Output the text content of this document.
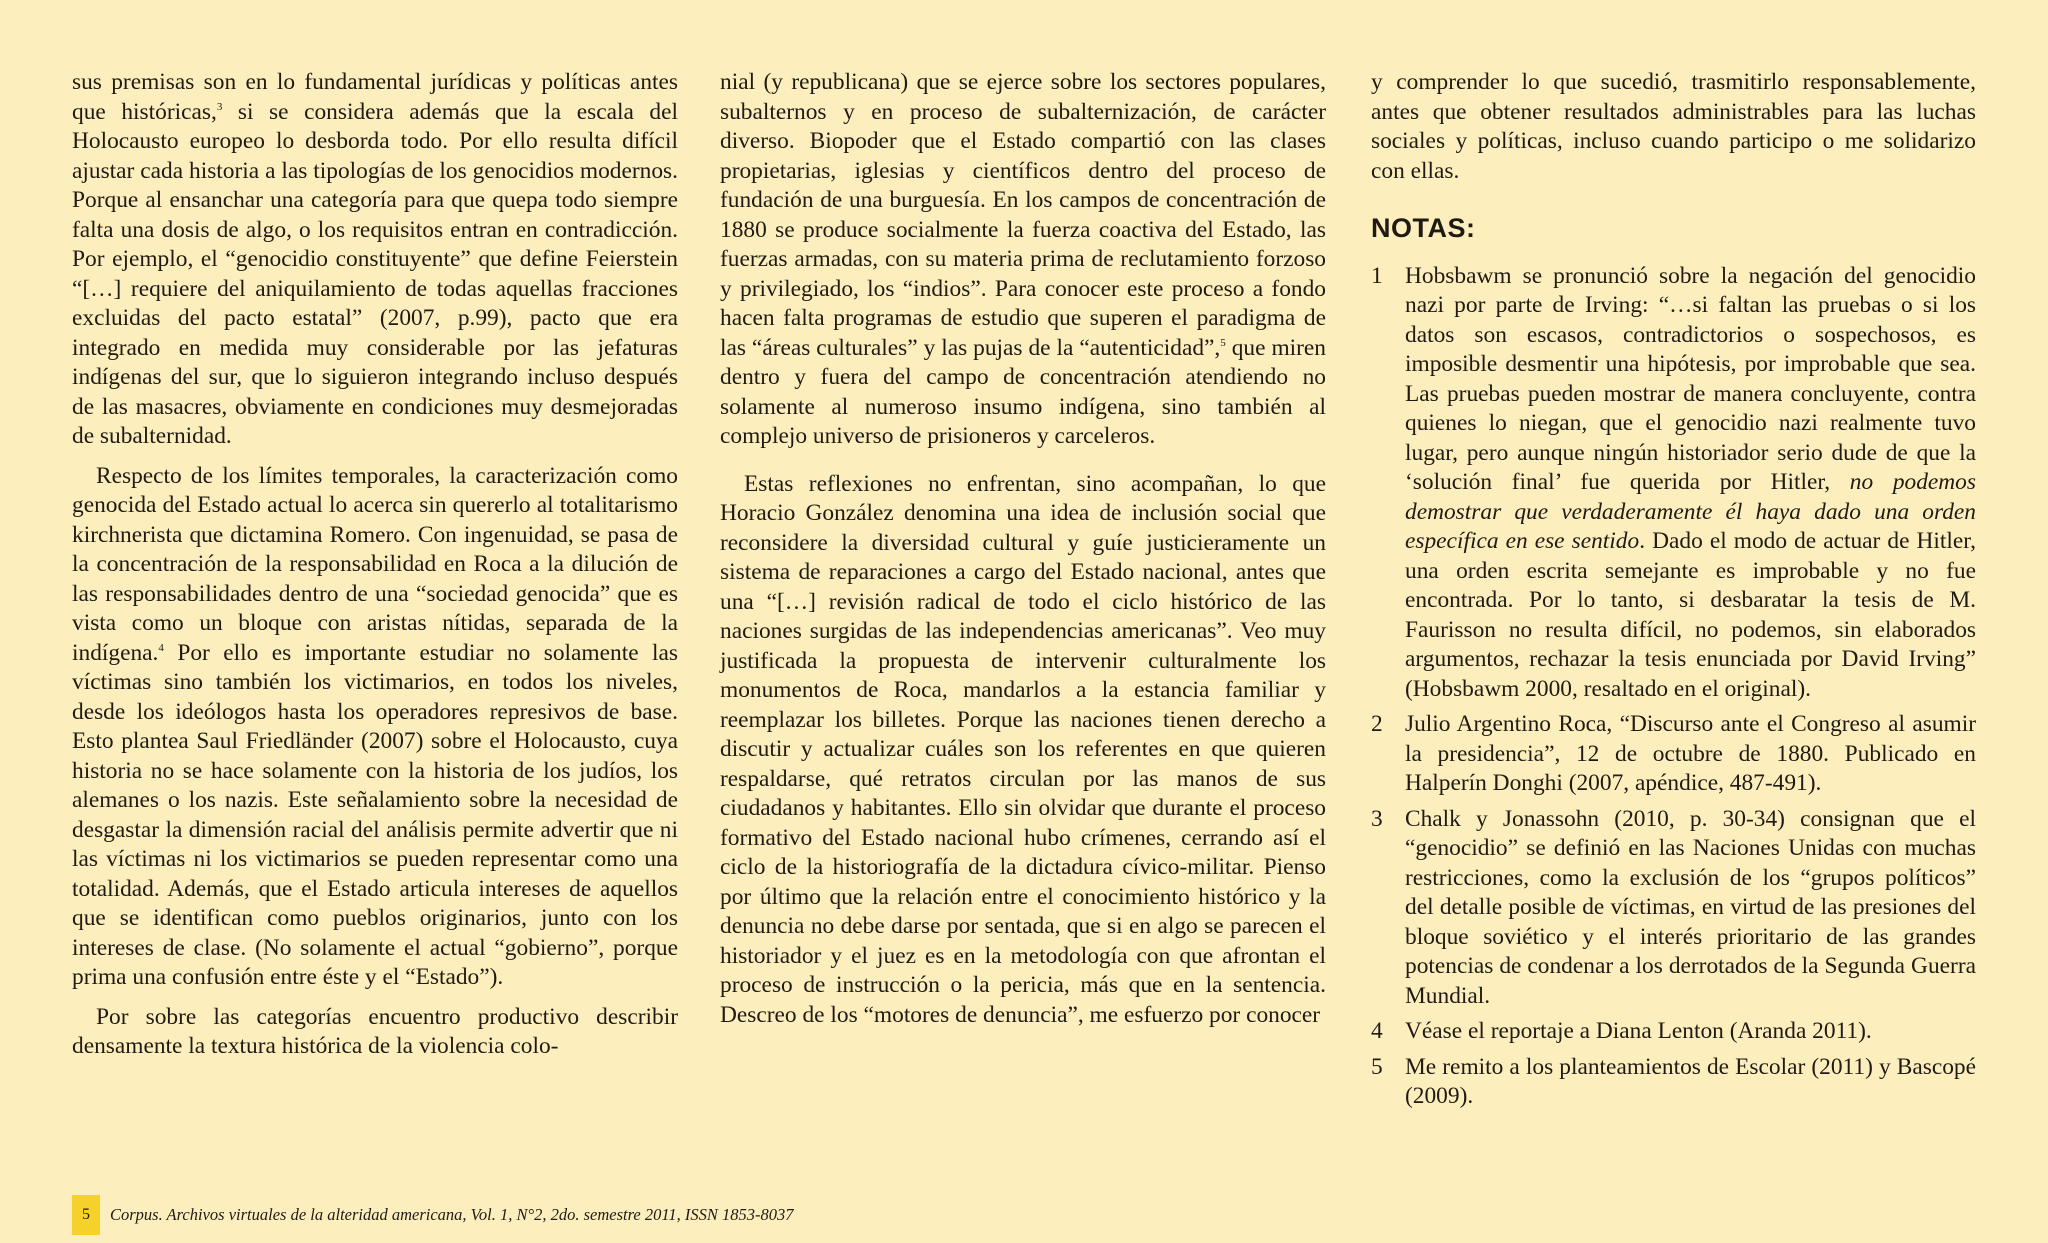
sus premisas son en lo fundamental jurídicas y políticas antes que históricas,$^3$ si se considera además que la escala del Holocausto europeo lo desborda todo. Por ello resulta difícil ajustar cada historia a las tipologías de los genocidios modernos. Porque al ensanchar una categoría para que quepa todo siempre falta una dosis de algo, o los requisitos entran en contradicción. Por ejemplo, el “genocidio constituyente” que define Feierstein “[…] requiere del aniquilamiento de todas aquellas fracciones excluidas del pacto estatal” (2007, p.99), pacto que era integrado en medida muy considerable por las jefaturas indígenas del sur, que lo siguieron integrando incluso después de las masacres, obviamente en condiciones muy desmejoradas de subalternidad.

Respecto de los límites temporales, la caracterización como genocida del Estado actual lo acerca sin quererlo al totalitarismo kirchnerista que dictamina Romero. Con ingenuidad, se pasa de la concentración de la responsabilidad en Roca a la dilución de las responsabilidades dentro de una “sociedad genocida” que es vista como un bloque con aristas nítidas, separada de la indígena.$^4$ Por ello es importante estudiar no solamente las víctimas sino también los victimarios, en todos los niveles, desde los ideólogos hasta los operadores represivos de base. Esto plantea Saul Friedländer (2007) sobre el Holocausto, cuya historia no se hace solamente con la historia de los judíos, los alemanes o los nazis. Este señalamiento sobre la necesidad de desgastar la dimensión racial del análisis permite advertir que ni las víctimas ni los victimarios se pueden representar como una totalidad. Además, que el Estado articula intereses de aquellos que se identifican como pueblos originarios, junto con los intereses de clase. (No solamente el actual “gobierno”, porque prima una confusión entre éste y el “Estado”).

Por sobre las categorías encuentro productivo describir densamente la textura histórica de la violencia colo-

nial (y republicana) que se ejerce sobre los sectores populares, subalternos y en proceso de subalternización, de carácter diverso. Biopoder que el Estado compartió con las clases propietarias, iglesias y científicos dentro del proceso de fundación de una burguesía. En los campos de concentración de 1880 se produce socialmente la fuerza coactiva del Estado, las fuerzas armadas, con su materia prima de reclutamiento forzoso y privilegiado, los “indios”. Para conocer este proceso a fondo hacen falta programas de estudio que superen el paradigma de las “áreas culturales” y las pujas de la “autenticidad”,$^5$ que miren dentro y fuera del campo de concentración atendiendo no solamente al numeroso insumo indígena, sino también al complejo universo de prisioneros y carceleros.

Estas reflexiones no enfrentan, sino acompañan, lo que Horacio González denomina una idea de inclusión social que reconsidere la diversidad cultural y guíe justicieramente un sistema de reparaciones a cargo del Estado nacional, antes que una “[…] revisión radical de todo el ciclo histórico de las naciones surgidas de las independencias americanas”. Veo muy justificada la propuesta de intervenir culturalmente los monumentos de Roca, mandarlos a la estancia familiar y reemplazar los billetes. Porque las naciones tienen derecho a discutir y actualizar cuáles son los referentes en que quieren respaldarse, qué retratos circulan por las manos de sus ciudadanos y habitantes. Ello sin olvidar que durante el proceso formativo del Estado nacional hubo crímenes, cerrando así el ciclo de la historiografía de la dictadura cívico-militar. Pienso por último que la relación entre el conocimiento histórico y la denuncia no debe darse por sentada, que si en algo se parecen el historiador y el juez es en la metodología con que afrontan el proceso de instrucción o la pericia, más que en la sentencia. Descreo de los “motores de denuncia”, me esfuerzo por conocer

y comprender lo que sucedió, trasmitirlo responsablemente, antes que obtener resultados administrables para las luchas sociales y políticas, incluso cuando participo o me solidarizo con ellas.

NOTAS:
1 Hobsbawm se pronunció sobre la negación del genocidio nazi por parte de Irving: “…si faltan las pruebas o si los datos son escasos, contradictorios o sospechosos, es imposible desmentir una hipótesis, por improbable que sea. Las pruebas pueden mostrar de manera concluyente, contra quienes lo niegan, que el genocidio nazi realmente tuvo lugar, pero aunque ningún historiador serio dude de que la ‘solución final’ fue querida por Hitler, no podemos demostrar que verdaderamente él haya dado una orden específica en ese sentido. Dado el modo de actuar de Hitler, una orden escrita semejante es improbable y no fue encontrada. Por lo tanto, si desbaratar la tesis de M. Faurisson no resulta difícil, no podemos, sin elaborados argumentos, rechazar la tesis enunciada por David Irving” (Hobsbawm 2000, resaltado en el original).
2 Julio Argentino Roca, “Discurso ante el Congreso al asumir la presidencia”, 12 de octubre de 1880. Publicado en Halperín Donghi (2007, apéndice, 487-491).
3 Chalk y Jonassohn (2010, p. 30-34) consignan que el “genocidio” se definió en las Naciones Unidas con muchas restricciones, como la exclusión de los “grupos políticos” del detalle posible de víctimas, en virtud de las presiones del bloque soviético y el interés prioritario de las grandes potencias de condenar a los derrotados de la Segunda Guerra Mundial.
4 Véase el reportaje a Diana Lenton (Aranda 2011).
5 Me remito a los planteamientos de Escolar (2011) y Bascopé (2009).
5	Corpus. Archivos virtuales de la alteridad americana, Vol. 1, N°2, 2do. semestre 2011, ISSN 1853-8037
